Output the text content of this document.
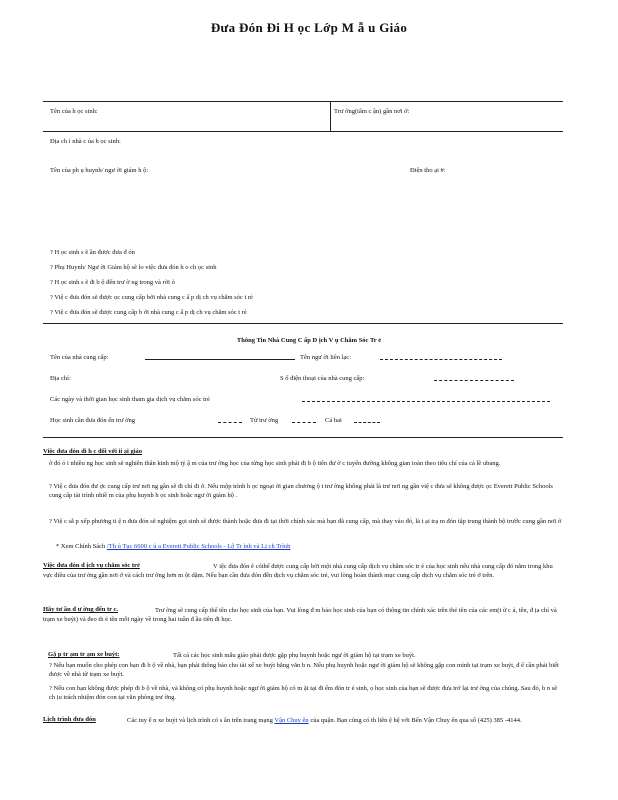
Đưa Đón Đi H ọc Lớp M ẫ u Giáo
Tên của h ọc sinh:	Trư ờng(tâm c ận) gần nơi ở:
Địa ch ỉ nhà c ủa h ọc sinh:
Tên của ph ụ huynh/ ngư ời giám h ộ:	Điện tho ại #:
? H ọc sinh s ẽ ần được đưa đ ón
? Phụ Huynh/ Ngư ời Giám hộ sẽ lo việc đưa đón h o ch ọc sinh
? H ọc sinh s ẽ đi b ộ đến trư ờ ng trong và rời ỏ
? Việ c đưa đón sẽ được ọc cung cấp bởi nhà cung c ấ p dị ch vụ chăm sóc t rẻ
? Việ c đưa đón sẽ được cung cấp b ởi nhà cung c ấ p dị ch vụ chăm sóc t rẻ
Thông Tin Nhà Cung C ấp D ịch V ụ Chăm Sóc Tr ẻ
Tên của nhà cung cấp:	Tên ngư ời liên lạc:
Địa chỉ:	S ố điện thoại của nhà cung cấp:
Các ngày và thời gian học sinh tham gia dịch vụ chăm sóc trẻ
Học sinh cần đưa đón ến trư ờng	Từ trư ờng	Cả hai
Việc đưa đón đi h c đối với ii ại giáo
ờ đó ỏ i nhiều ng học sinh sẽ nghiên thân kinh mộ tỷ ậ m của trư ờng học của từng học sinh phải đi b ộ tiên đư ờ c tuyến đường không gian toàn theo tiêu chí của cả lề ubang.
? Việ c đưa đón đư ợc cung cấp trư nơi ng gần sẽ đi chỉ đi ở. Nếu mộp trình h ọc ngoại ời gian chương ộ t trư ờng không phải là trư nơi ng gần việ c đưa sẽ không được ọc Everett Public Schools cung cấp tài trình nhiề m của phụ huynh h ọc sinh hoặc ngư ời giám hộ .
? Việ c sắ p xếp phương ti ệ n đưa đón sẽ nghiệm gọi sinh sẽ được thành hoặc đưa đi tại thời chính xác mà bạn đã cung cấp, mà thay vào đó, là t ại trạ m đón tập trung thành bộ trước cung gần nơi ở
* Xem Chính Sách /Th ủ Tục 6600 c ủ a Everett Public Schools - Lộ Tr ình và Lị ch Trình
Việc đưa đón đ ịch vụ chăm sóc trẻ	V iệc đưa đón ẽ cóthể được cung cấp bởi một nhà cung cấp dịch vụ chăm sóc tr ẻ của học sinh nếu nhà cung cấp đó nằm trong khu vực điều của trư ờng gần nơi ở và cách trư ờng hơn m ột dặm. Nếu bạn cần đưa đón đến dịch vụ chăm sóc trẻ, vui lòng hoàn thành mục cung cấp dịch vụ chăm sóc trẻ ở trên.
Hãy tư ần đ ư ờng đến tr c.	Trư ờng sẽ cung cấp thể tên cho học sinh của bạn. Vui lòng đ m bảo học sinh của bạn có thông tin chính xác trên thẻ tên của các em(t ừ c ả, tên, đ ịa chỉ và trạm xe buýt) và đeo th ẻ tên mỗi ngày về trong hai tuần đ ầu tiên đi học.
Gặ p tr ạm tr ạm xe buýt:	Tất cả các học sinh mẫu giáo phải được gặp phụ huynh hoặc ngư ời giám hộ tại trạm xe buýt.
? Nếu bạn muốn cho phép con bạn đi b ộ về nhà, bạn phải thông báo cho tài xế xe buýt bằng văn b n. Nếu phụ huynh hoặc ngư ời giám hộ sẽ không gặp con mình tại trạm xe buýt, đ ể cần phải biết được về nhà từ trạm xe buýt.
? Nếu con bạn không được phép đi b ộ về nhà, và không có phụ huynh hoặc ngư ời giám hộ có m ặt tại đi ểm đón tr ẻ sinh, ọ học sinh của bạn sẽ được đưa trở lại trư ờng của chúng. Sau đó, b n sẽ ch ịu trách nhiệm đón con tại văn phòng trư ờng.
Lịch trình đưa đón	Các tuy ế n xe buýt và lịch trình có s ẵn trên trang mạng Vận Chuy ển của quận. Bạn cũng có th liên ệ hệ với Bến Vận Chuy ển qua số (425) 385 -4144.
